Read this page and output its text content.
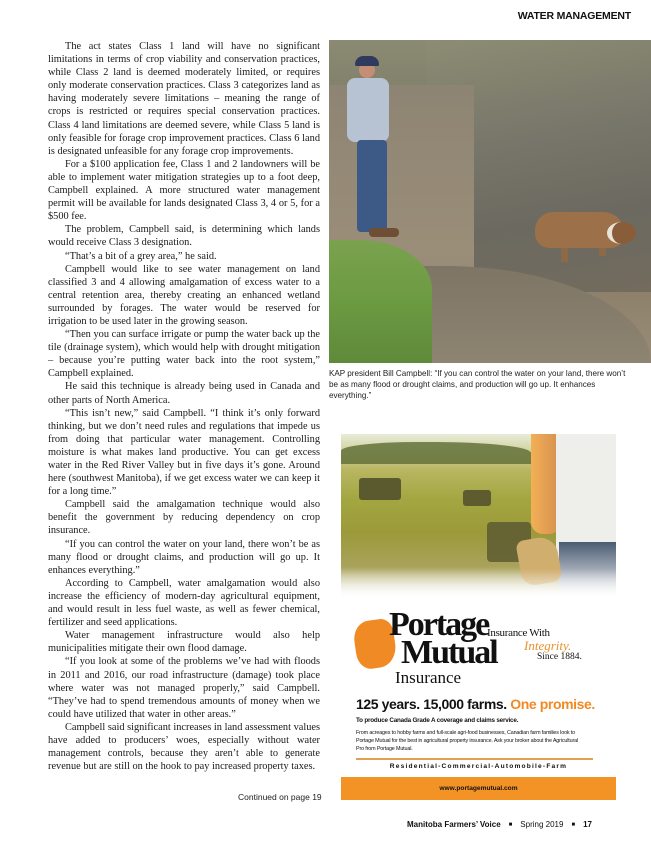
WATER MANAGEMENT

The act states Class 1 land will have no significant limitations in terms of crop viability and conservation practices, while Class 2 land is deemed moderately limited, or requires only moderate conservation practices. Class 3 categorizes land as having moderately severe limitations – meaning the range of crops is restricted or requires special conservation practices. Class 4 land limitations are deemed severe, while Class 5 land is only feasible for forage crop improvement practices. Class 6 land is designated unfeasible for any forage crop improvements.

For a $100 application fee, Class 1 and 2 landowners will be able to implement water mitigation strategies up to a foot deep, Campbell explained. A more structured water management permit will be available for lands designated Class 3, 4 or 5, for a $500 fee.

The problem, Campbell said, is determining which lands would receive Class 3 designation.

“That’s a bit of a grey area,” he said.

Campbell would like to see water management on land classified 3 and 4 allowing amalgamation of excess water to a central retention area, thereby creating an enhanced wetland surrounded by forages. The water would be reserved for irrigation to be used later in the growing season.

“Then you can surface irrigate or pump the water back up the tile (drainage system), which would help with drought mitigation – because you’re putting water back into the root system,” Campbell explained.

He said this technique is already being used in Canada and other parts of North America.

“This isn’t new,” said Campbell. “I think it’s only forward thinking, but we don’t need rules and regulations that impede us from doing that particular water management. Controlling moisture is what makes land productive. You can get excess water in the Red River Valley but in five days it’s gone. Around here (southwest Manitoba), if we get excess water we can keep it for a long time.”

Campbell said the amalgamation technique would also benefit the government by reducing dependency on crop insurance.

“If you can control the water on your land, there won’t be as many flood or drought claims, and production will go up. It enhances everything.”

According to Campbell, water amalgamation would also increase the efficiency of modern-day agricultural equipment, and would result in less fuel waste, as well as fewer chemical, fertilizer and seed applications.

Water management infrastructure would also help municipalities mitigate their own flood damage.

“If you look at some of the problems we’ve had with floods in 2011 and 2016, our road infrastructure (damage) took place where water was not managed properly,” said Campbell. “They’ve had to spend tremendous amounts of money when we could have utilized that water in other areas.”

Campbell said significant increases in land assessment values have added to producers’ woes, especially without water management controls, because they aren’t able to generate revenue but are still on the hook to pay increased property taxes.

Continued on page 19
KAP president Bill Campbell: “If you can control the water on your land, there won’t be as many flood or drought claims, and production will go up. It enhances everything.”
Portage
Mutual
Insurance
Insurance With
Integrity.
Since 1884.
125 years. 15,000 farms. One promise.
To produce Canada Grade A coverage and claims service.
From acreages to hobby farms and full-scale agri-food businesses, Canadian farm families look to Portage Mutual for the best in agricultural property insurance. Ask your broker about the Agricultural Pro from Portage Mutual.
Residential-Commercial-Automobile-Farm
www.portagemutual.com
Manitoba Farmers’ Voice ■ Spring 2019 ■ 17
